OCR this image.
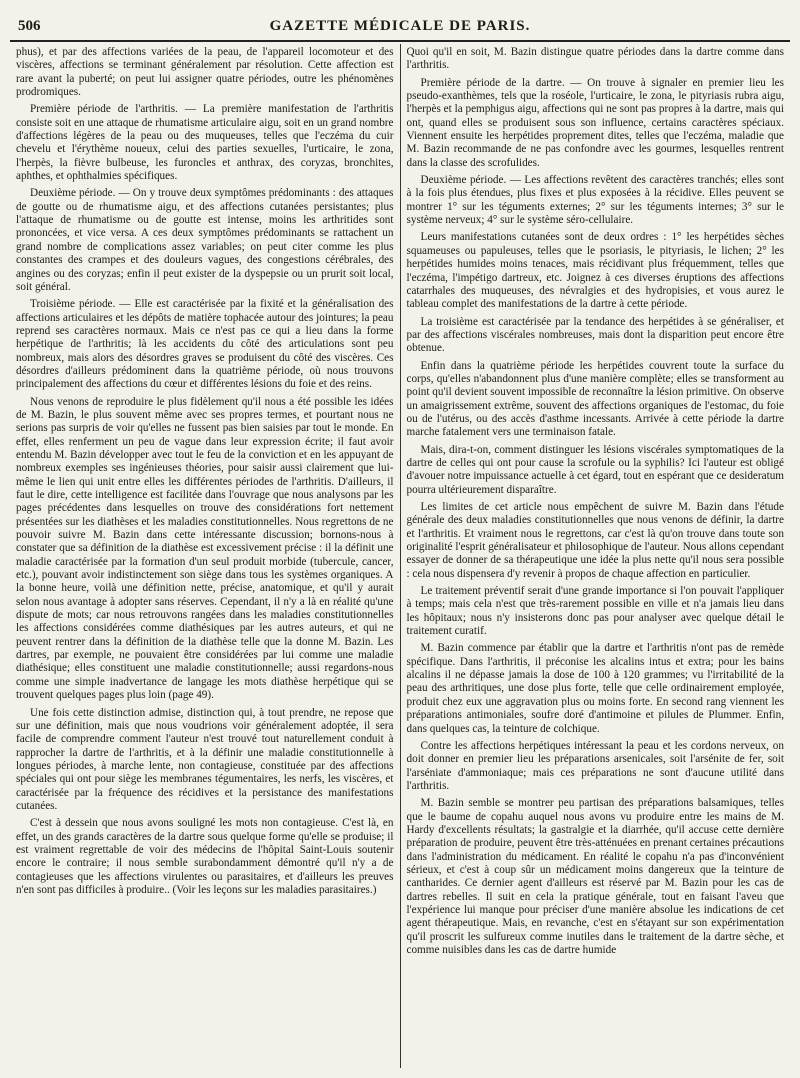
506	GAZETTE MÉDICALE DE PARIS.

phus), et par des affections variées de la peau, de l'appareil locomoteur et des viscères, affections se terminant généralement par résolution. Cette affection est rare avant la puberté; on peut lui assigner quatre périodes, outre les phénomènes prodromiques.

Première période de l'arthritis. — La première manifestation de l'arthritis consiste soit en une attaque de rhumatisme articulaire aigu, soit en un grand nombre d'affections légères de la peau ou des muqueuses, telles que l'eczéma du cuir chevelu et l'érythème noueux, celui des parties sexuelles, l'urticaire, le zona, l'herpès, la fièvre bulbeuse, les furoncles et anthrax, des coryzas, bronchites, aphthes, et ophthalmies spécifiques.

Deuxième période. — On y trouve deux symptômes prédominants : des attaques de goutte ou de rhumatisme aigu, et des affections cutanées persistantes; plus l'attaque de rhumatisme ou de goutte est intense, moins les arthritides sont prononcées, et vice versa. A ces deux symptômes prédominants se rattachent un grand nombre de complications assez variables; on peut citer comme les plus constantes des crampes et des douleurs vagues, des congestions cérébrales, des angines ou des coryzas; enfin il peut exister de la dyspepsie ou un prurit soit local, soit général.

Troisième période. — Elle est caractérisée par la fixité et la généralisation des affections articulaires et les dépôts de matière tophacée autour des jointures; la peau reprend ses caractères normaux. Mais ce n'est pas ce qui a lieu dans la forme herpétique de l'arthritis; là les accidents du côté des articulations sont peu nombreux, mais alors des désordres graves se produisent du côté des viscères. Ces désordres d'ailleurs prédominent dans la quatrième période, où nous trouvons principalement des affections du cœur et différentes lésions du foie et des reins.

Nous venons de reproduire le plus fidèlement qu'il nous a été possible les idées de M. Bazin, le plus souvent même avec ses propres termes, et pourtant nous ne serions pas surpris de voir qu'elles ne fussent pas bien saisies par tout le monde. En effet, elles renferment un peu de vague dans leur expression écrite; il faut avoir entendu M. Bazin développer avec tout le feu de la conviction et en les appuyant de nombreux exemples ses ingénieuses théories, pour saisir aussi clairement que lui-même le lien qui unit entre elles les différentes périodes de l'arthritis. D'ailleurs, il faut le dire, cette intelligence est facilitée dans l'ouvrage que nous analysons par les pages précédentes dans lesquelles on trouve des considérations fort nettement présentées sur les diathèses et les maladies constitutionnelles. Nous regrettons de ne pouvoir suivre M. Bazin dans cette intéressante discussion; bornons-nous à constater que sa définition de la diathèse est excessivement précise : il la définit une maladie caractérisée par la formation d'un seul produit morbide (tubercule, cancer, etc.), pouvant avoir indistinctement son siège dans tous les systèmes organiques. A la bonne heure, voilà une définition nette, précise, anatomique, et qu'il y aurait selon nous avantage à adopter sans réserves. Cependant, il n'y a là en réalité qu'une dispute de mots; car nous retrouvons rangées dans les maladies constitutionnelles les affections considérées comme diathésiques par les autres auteurs, et qui ne peuvent rentrer dans la définition de la diathèse telle que la donne M. Bazin. Les dartres, par exemple, ne pouvaient être considérées par lui comme une maladie diathésique; elles constituent une maladie constitutionnelle; aussi regardons-nous comme une simple inadvertance de langage les mots diathèse herpétique qui se trouvent quelques pages plus loin (page 49).

Une fois cette distinction admise, distinction qui, à tout prendre, ne repose que sur une définition, mais que nous voudrions voir généralement adoptée, il sera facile de comprendre comment l'auteur n'est trouvé tout naturellement conduit à rapprocher la dartre de l'arthritis, et à la définir une maladie constitutionnelle à longues périodes, à marche lente, non contagieuse, constituée par des affections spéciales qui ont pour siège les membranes tégumentaires, les nerfs, les viscères, et caractérisée par la fréquence des récidives et la persistance des manifestations cutanées.

C'est à dessein que nous avons souligné les mots non contagieuse. C'est là, en effet, un des grands caractères de la dartre sous quelque forme qu'elle se produise; il est vraiment regrettable de voir des médecins de l'hôpital Saint-Louis soutenir encore le contraire; il nous semble surabondamment démontré qu'il n'y a de contagieuses que les affections virulentes ou parasitaires, et d'ailleurs les preuves n'en sont pas difficiles à produire.. (Voir les leçons sur les maladies parasitaires.)

Quoi qu'il en soit, M. Bazin distingue quatre périodes dans la dartre comme dans l'arthritis.

Première période de la dartre. — On trouve à signaler en premier lieu les pseudo-exanthèmes, tels que la roséole, l'urticaire, le zona, le pityriasis rubra aigu, l'herpès et la pemphigus aigu, affections qui ne sont pas propres à la dartre, mais qui ont, quand elles se produisent sous son influence, certains caractères spéciaux. Viennent ensuite les herpétides proprement dites, telles que l'eczéma, maladie que M. Bazin recommande de ne pas confondre avec les gourmes, lesquelles rentrent dans la classe des scrofulides.

Deuxième période. — Les affections revêtent des caractères tranchés; elles sont à la fois plus étendues, plus fixes et plus exposées à la récidive. Elles peuvent se montrer 1° sur les téguments externes; 2° sur les téguments internes; 3° sur le système nerveux; 4° sur le système séro-cellulaire.

Leurs manifestations cutanées sont de deux ordres : 1° les herpétides sèches squameuses ou papuleuses, telles que le psoriasis, le pityriasis, le lichen; 2° les herpétides humides moins tenaces, mais récidivant plus fréquemment, telles que l'eczéma, l'impétigo dartreux, etc. Joignez à ces diverses éruptions des affections catarrhales des muqueuses, des névralgies et des hydropisies, et vous aurez le tableau complet des manifestations de la dartre à cette période.

La troisième est caractérisée par la tendance des herpétides à se généraliser, et par des affections viscérales nombreuses, mais dont la disparition peut encore être obtenue.

Enfin dans la quatrième période les herpétides couvrent toute la surface du corps, qu'elles n'abandonnent plus d'une manière complète; elles se transforment au point qu'il devient souvent impossible de reconnaître la lésion primitive. On observe un amaigrissement extrême, souvent des affections organiques de l'estomac, du foie ou de l'utérus, ou des accès d'asthme incessants. Arrivée à cette période la dartre marche fatalement vers une terminaison fatale.

Mais, dira-t-on, comment distinguer les lésions viscérales symptomatiques de la dartre de celles qui ont pour cause la scrofule ou la syphilis? Ici l'auteur est obligé d'avouer notre impuissance actuelle à cet égard, tout en espérant que ce desideratum pourra ultérieurement disparaître.

Les limites de cet article nous empêchent de suivre M. Bazin dans l'étude générale des deux maladies constitutionnelles que nous venons de définir, la dartre et l'arthritis. Et vraiment nous le regrettons, car c'est là qu'on trouve dans toute son originalité l'esprit généralisateur et philosophique de l'auteur. Nous allons cependant essayer de donner de sa thérapeutique une idée la plus nette qu'il nous sera possible : cela nous dispensera d'y revenir à propos de chaque affection en particulier.

Le traitement préventif serait d'une grande importance si l'on pouvait l'appliquer à temps; mais cela n'est que très-rarement possible en ville et n'a jamais lieu dans les hôpitaux; nous n'y insisterons donc pas pour analyser avec quelque détail le traitement curatif.

M. Bazin commence par établir que la dartre et l'arthritis n'ont pas de remède spécifique. Dans l'arthritis, il préconise les alcalins intus et extra; pour les bains alcalins il ne dépasse jamais la dose de 100 à 120 grammes; vu l'irritabilité de la peau des arthritiques, une dose plus forte, telle que celle ordinairement employée, produit chez eux une aggravation plus ou moins forte. En second rang viennent les préparations antimoniales, soufre doré d'antimoine et pilules de Plummer. Enfin, dans quelques cas, la teinture de colchique.

Contre les affections herpétiques intéressant la peau et les cordons nerveux, on doit donner en premier lieu les préparations arsenicales, soit l'arsénite de fer, soit l'arséniate d'ammoniaque; mais ces préparations ne sont d'aucune utilité dans l'arthritis.

M. Bazin semble se montrer peu partisan des préparations balsamiques, telles que le baume de copahu auquel nous avons vu produire entre les mains de M. Hardy d'excellents résultats; la gastralgie et la diarrhée, qu'il accuse cette dernière préparation de produire, peuvent être très-atténuées en prenant certaines précautions dans l'administration du médicament. En réalité le copahu n'a pas d'inconvénient sérieux, et c'est à coup sûr un médicament moins dangereux que la teinture de cantharides. Ce dernier agent d'ailleurs est réservé par M. Bazin pour les cas de dartres rebelles. Il suit en cela la pratique générale, tout en faisant l'aveu que l'expérience lui manque pour préciser d'une manière absolue les indications de cet agent thérapeutique. Mais, en revanche, c'est en s'étayant sur son expérimentation qu'il proscrit les sulfureux comme inutiles dans le traitement de la dartre sèche, et comme nuisibles dans les cas de dartre humide
